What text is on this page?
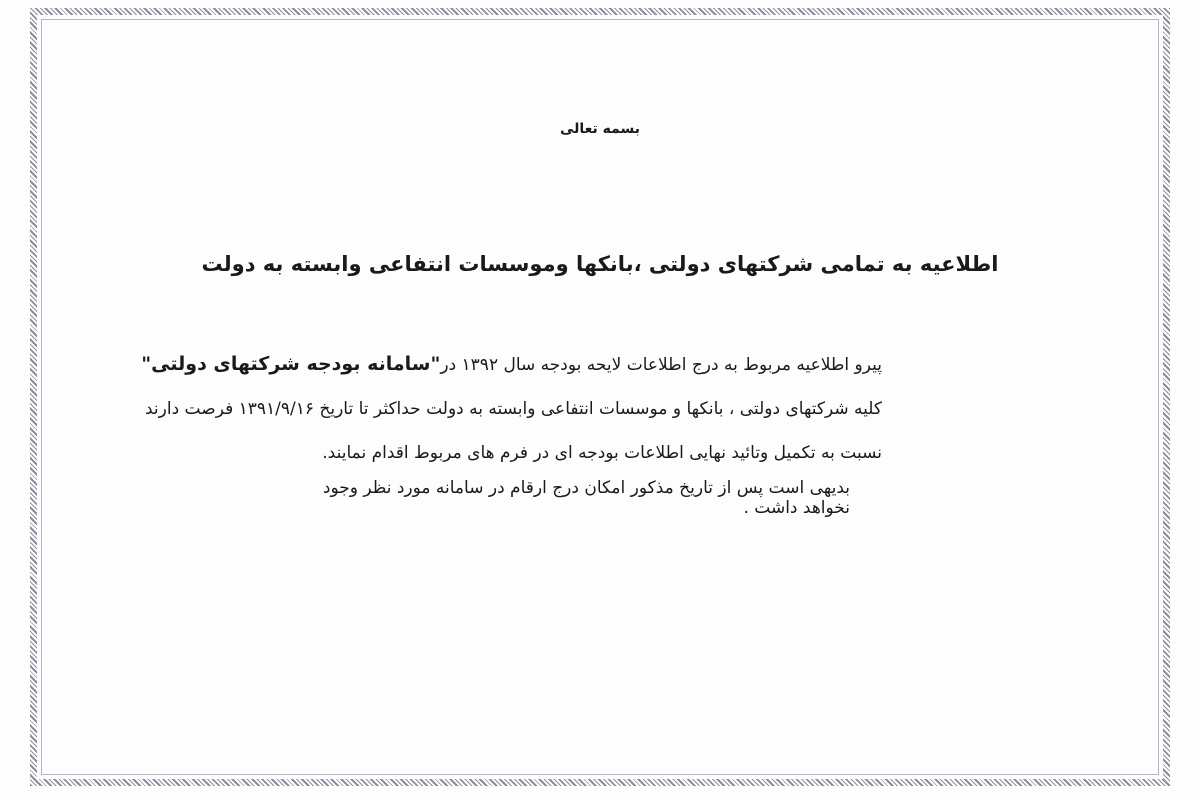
بسمه تعالی
اطلاعیه به تمامی شرکتهای دولتی ،بانکها وموسسات انتفاعی وابسته به دولت

پیرو اطلاعیه مربوط به درج اطلاعات لایحه بودجه سال ۱۳۹۲ در"سامانه بودجه شرکتهای دولتی" کلیه شرکتهای دولتی ، بانکها و موسسات انتفاعی وابسته به دولت حداکثر تا تاریخ ۱۳۹۱/۹/۱۶ فرصت دارند نسبت به تکمیل وتائید نهایی اطلاعات بودجه ای در فرم های مربوط اقدام نمایند.

بدیهی است پس از تاریخ مذکور امکان درج ارقام در سامانه مورد نظر وجود نخواهد داشت .
